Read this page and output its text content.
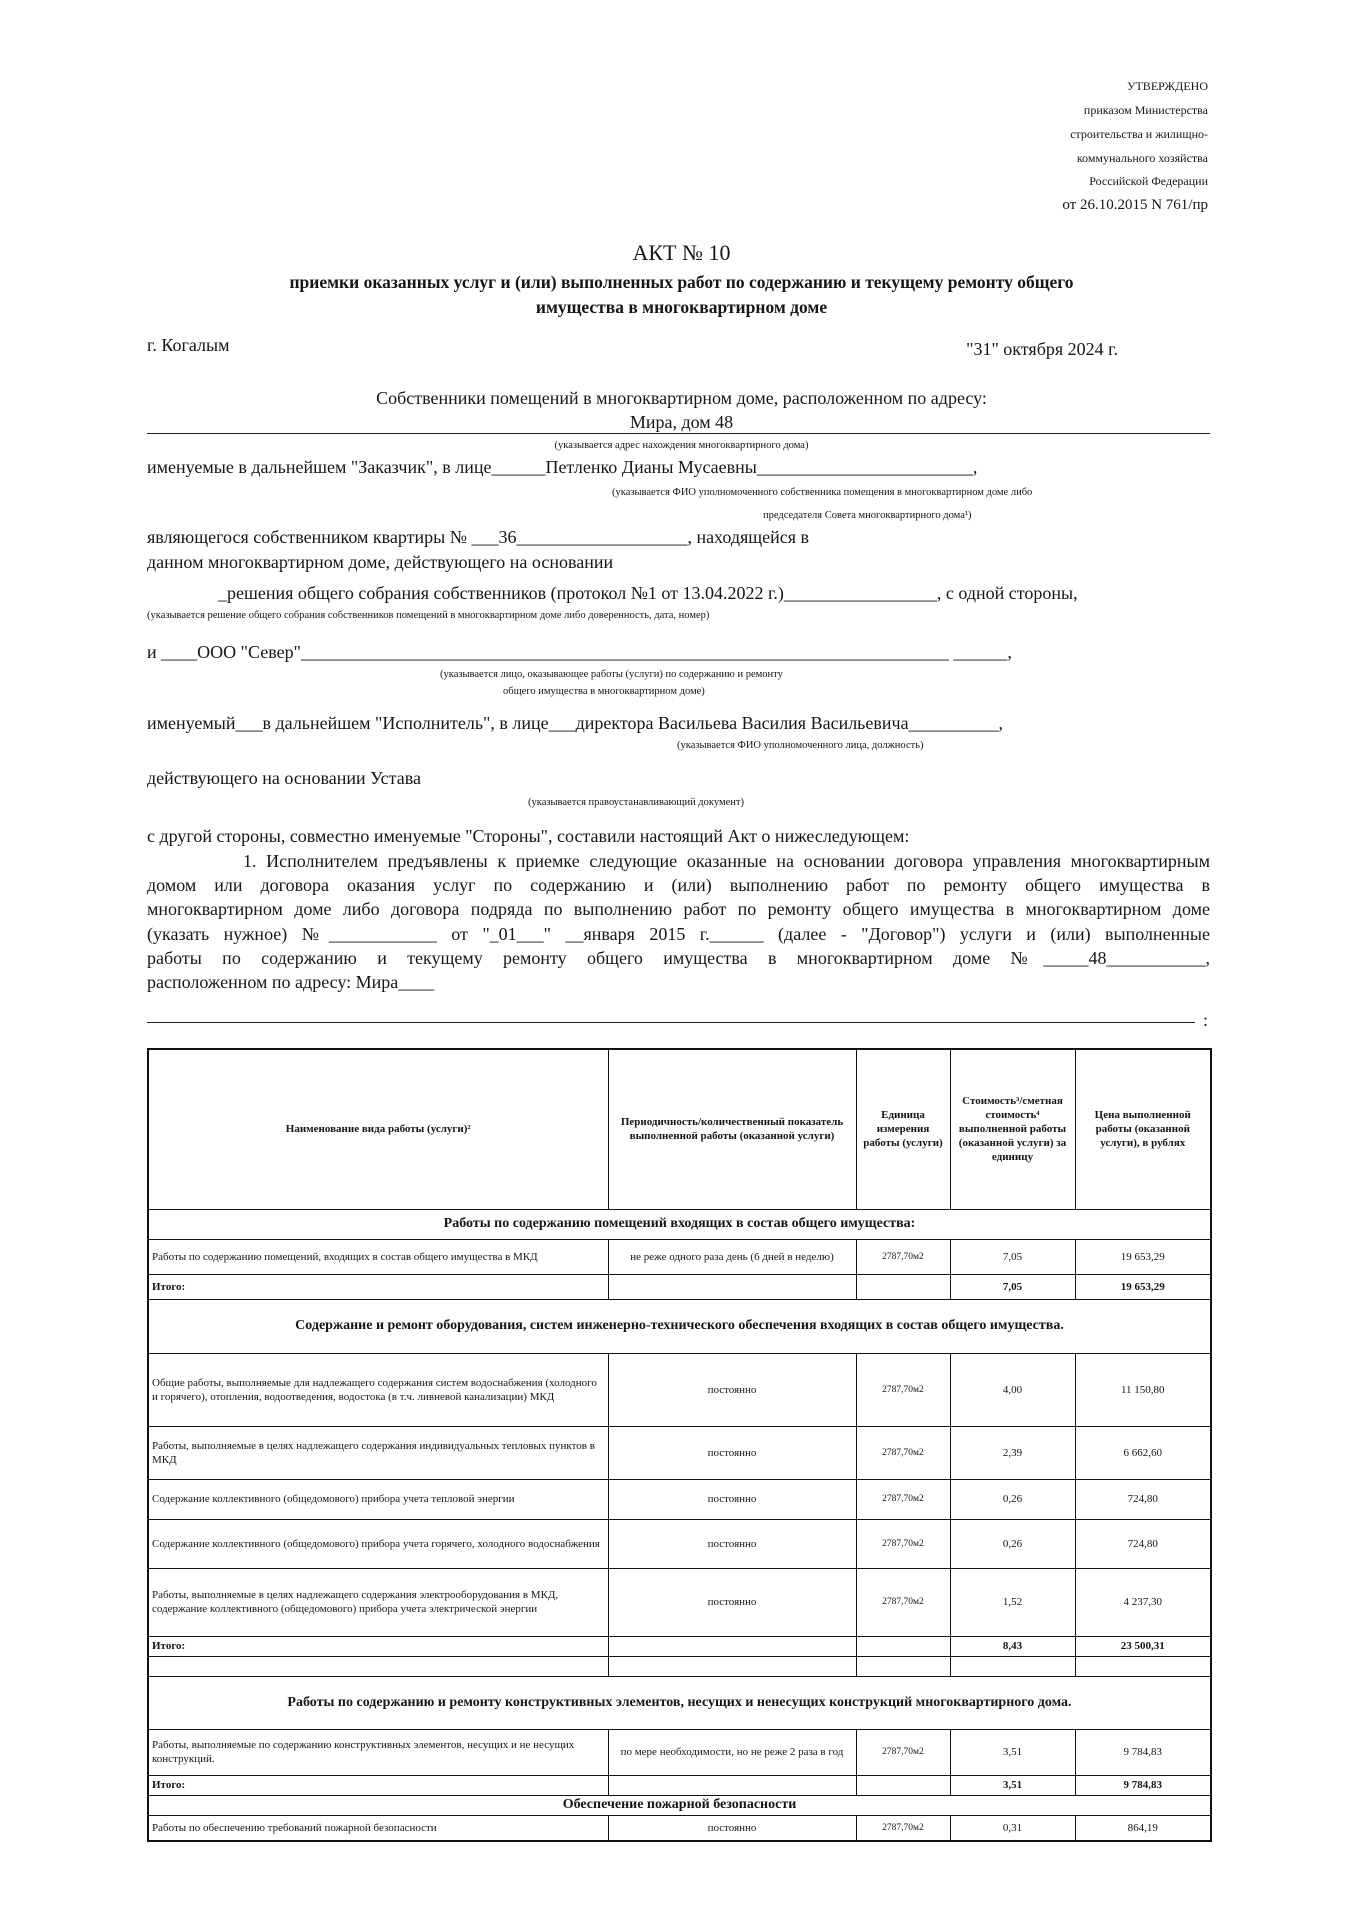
УТВЕРЖДЕНО
приказом Министерства
строительства и жилищно-
коммунального хозяйства
Российской Федерации
от 26.10.2015 N 761/пр
АКТ № 10
приемки оказанных услуг и (или) выполненных работ по содержанию и текущему ремонту общего
имущества в многоквартирном доме
г. Когалым	"31" октября 2024 г.
Собственники помещений в многоквартирном доме, расположенном по адресу:
Мира, дом 48
(указывается адрес нахождения многоквартирного дома)
именуемые в дальнейшем "Заказчик", в лице______Петленко Дианы Мусаевны________________________,
(указывается ФИО уполномоченного собственника помещения в многоквартирном доме либо
председателя Совета многоквартирного дома¹)
являющегося собственником квартиры № ___36___________________, находящейся в
данном многоквартирном доме, действующего на основании
_решения общего собрания собственников (протокол №1 от 13.04.2022 г.)_________________, с одной стороны,
(указывается решение общего собрания собственников помещений в многоквартирном доме либо доверенность, дата, номер)
и ____ООО "Север"________________________________________________________________________ ______,
(указывается лицо, оказывающее работы (услуги) по содержанию и ремонту
общего имущества в многоквартирном доме)
именуемый___в дальнейшем "Исполнитель", в лице___директора Васильева Василия Васильевича__________,
(указывается ФИО уполномоченного лица, должность)
действующего на основании Устава
(указывается правоустанавливающий документ)
с другой стороны, совместно именуемые "Стороны", составили настоящий Акт о нижеследующем:
1. Исполнителем предъявлены к приемке следующие оказанные на основании договора управления многоквартирным
домом или договора оказания услуг по содержанию и (или) выполнению работ по ремонту общего имущества в
многоквартирном доме либо договора подряда по выполнению работ по ремонту общего имущества в многоквартирном доме
(указать нужное) №____________ от "_01___" __января 2015 г.______ (далее - "Договор") услуги и (или) выполненные
работы по содержанию и текущему ремонту общего имущества в многоквартирном доме №_____48___________,
расположенном по адресу: Мира____
:
Наименование вида работы (услуги)²	Периодичность/количественный показатель выполненной работы (оказанной услуги)	Единица измерения работы (услуги)	Стоимость³/сметная стоимость⁴ выполненной работы (оказанной услуги) за единицу	Цена выполненной работы (оказанной услуги), в рублях
Работы по содержанию помещений входящих в состав общего имущества:				
Работы по содержанию помещений, входящих в состав общего имущества в МКД	не реже одного раза день (6 дней в неделю)	2787,70м2	7,05	19 653,29
Итого:			7,05	19 653,29
Содержание и ремонт оборудования, систем инженерно-технического обеспечения входящих в состав общего имущества.				
Общие работы, выполняемые для надлежащего содержания систем водоснабжения (холодного и горячего), отопления, водоотведения, водостока (в т.ч. ливневой канализации) МКД	постоянно	2787,70м2	4,00	11 150,80
Работы, выполняемые в целях надлежащего содержания индивидуальных тепловых пунктов в МКД	постоянно	2787,70м2	2,39	6 662,60
Содержание коллективного (общедомового) прибора учета тепловой энергии	постоянно	2787,70м2	0,26	724,80
Содержание коллективного (общедомового) прибора учета горячего, холодного водоснабжения	постоянно	2787,70м2	0,26	724,80
Работы, выполняемые в целях надлежащего содержания электрооборудования в МКД, содержание коллективного (общедомового) прибора учета электрической энергии	постоянно	2787,70м2	1,52	4 237,30
Итого:			8,43	23 500,31

Работы по содержанию и ремонту конструктивных элементов, несущих и ненесущих конструкций многоквартирного дома.				
Работы, выполняемые по содержанию конструктивных элементов, несущих и не несущих конструкций.	по мере необходимости, но не реже 2 раза в год	2787,70м2	3,51	9 784,83
Итого:			3,51	9 784,83
Обеспечение пожарной безопасности				
Работы по обеспечению требований пожарной безопасности	постоянно	2787,70м2	0,31	864,19
